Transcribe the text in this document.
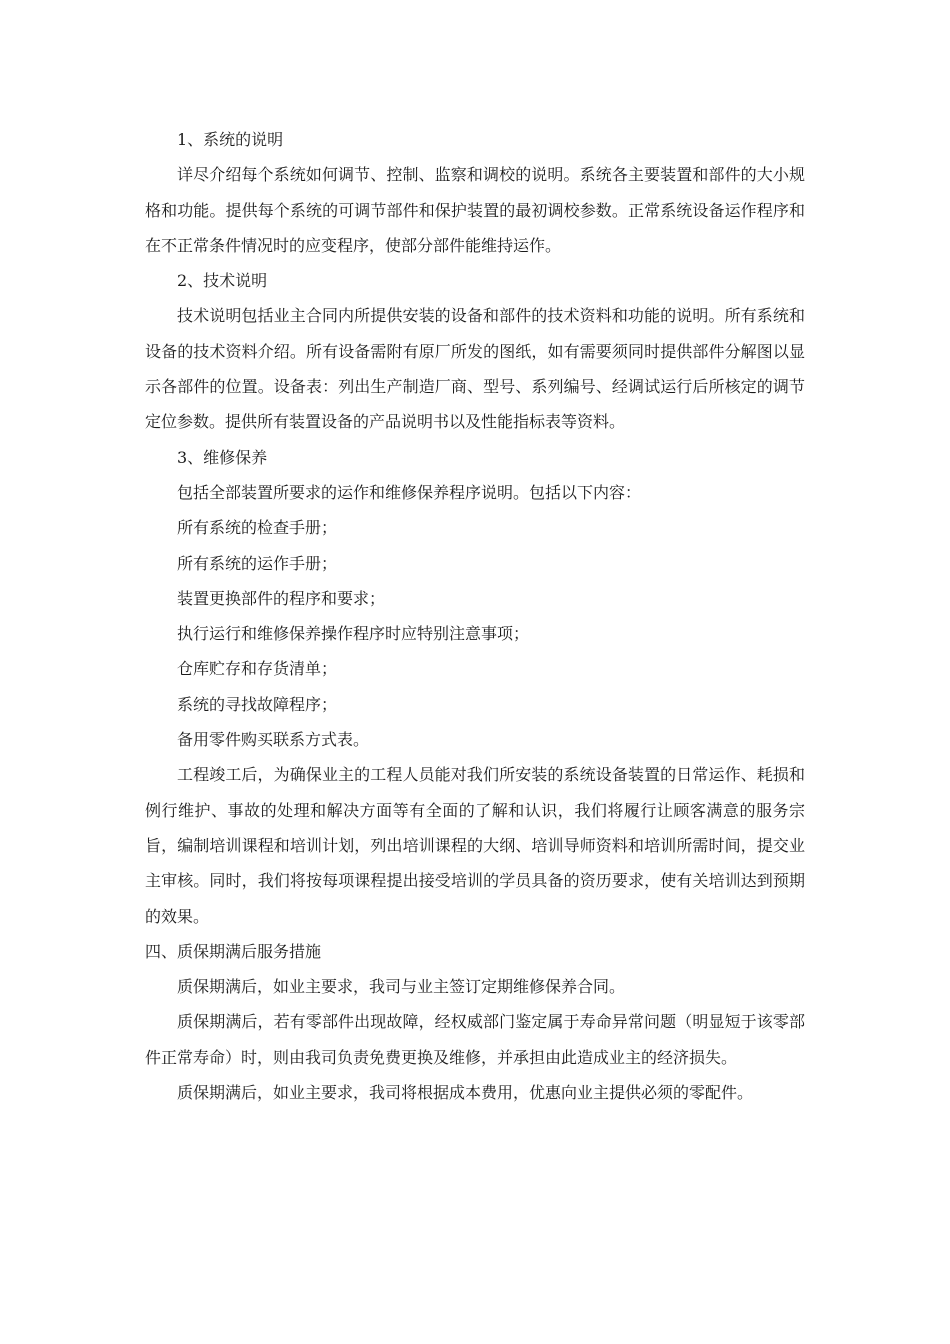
1、系统的说明

详尽介绍每个系统如何调节、控制、监察和调校的说明。系统各主要装置和部件的大小规格和功能。提供每个系统的可调节部件和保护装置的最初调校参数。正常系统设备运作程序和在不正常条件情况时的应变程序，使部分部件能维持运作。

2、技术说明

技术说明包括业主合同内所提供安装的设备和部件的技术资料和功能的说明。所有系统和设备的技术资料介绍。所有设备需附有原厂所发的图纸，如有需要须同时提供部件分解图以显示各部件的位置。设备表：列出生产制造厂商、型号、系列编号、经调试运行后所核定的调节定位参数。提供所有装置设备的产品说明书以及性能指标表等资料。

3、维修保养

包括全部装置所要求的运作和维修保养程序说明。包括以下内容：

所有系统的检查手册；

所有系统的运作手册；

装置更换部件的程序和要求；

执行运行和维修保养操作程序时应特别注意事项；

仓库贮存和存货清单；

系统的寻找故障程序；

备用零件购买联系方式表。

工程竣工后，为确保业主的工程人员能对我们所安装的系统设备装置的日常运作、耗损和例行维护、事故的处理和解决方面等有全面的了解和认识，我们将履行让顾客满意的服务宗旨，编制培训课程和培训计划，列出培训课程的大纲、培训导师资料和培训所需时间，提交业主审核。同时，我们将按每项课程提出接受培训的学员具备的资历要求，使有关培训达到预期的效果。

四、质保期满后服务措施

质保期满后，如业主要求，我司与业主签订定期维修保养合同。

质保期满后，若有零部件出现故障，经权威部门鉴定属于寿命异常问题（明显短于该零部件正常寿命）时，则由我司负责免费更换及维修，并承担由此造成业主的经济损失。

质保期满后，如业主要求，我司将根据成本费用，优惠向业主提供必须的零配件。
